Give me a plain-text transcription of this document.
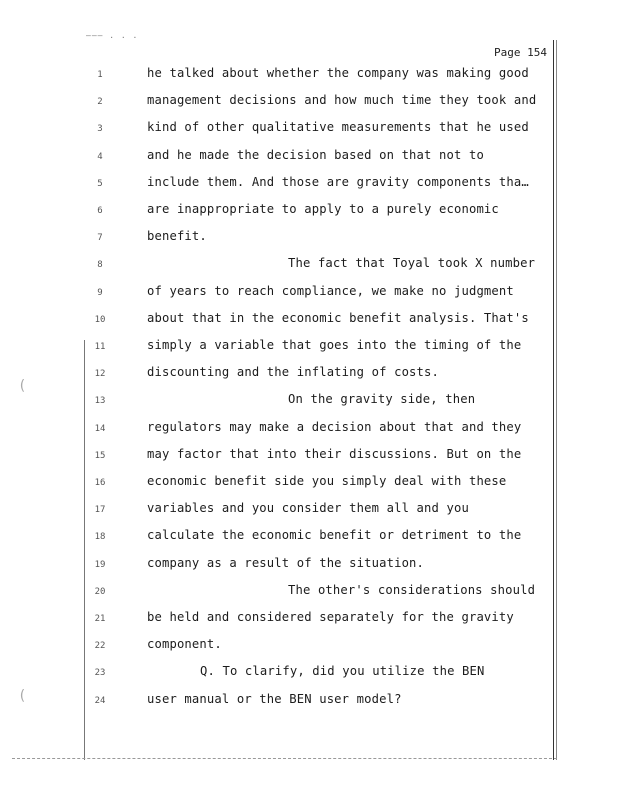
——— . . .
Page 154
(
(
1	he talked about whether the company was making good
2	management decisions and how much time they took and
3	kind of other qualitative measurements that he used
4	and he made the decision based on that not to
5	include them. And those are gravity components tha…
6	are inappropriate to apply to a purely economic
7	benefit.
8	The fact that Toyal took X number
9	of years to reach compliance, we make no judgment
10	about that in the economic benefit analysis. That's
11	simply a variable that goes into the timing of the
12	discounting and the inflating of costs.
13	On the gravity side, then
14	regulators may make a decision about that and they
15	may factor that into their discussions. But on the
16	economic benefit side you simply deal with these
17	variables and you consider them all and you
18	calculate the economic benefit or detriment to the
19	company as a result of the situation.
20	The other's considerations should
21	be held and considered separately for the gravity
22	component.
23	Q. To clarify, did you utilize the BEN
24	user manual or the BEN user model?
